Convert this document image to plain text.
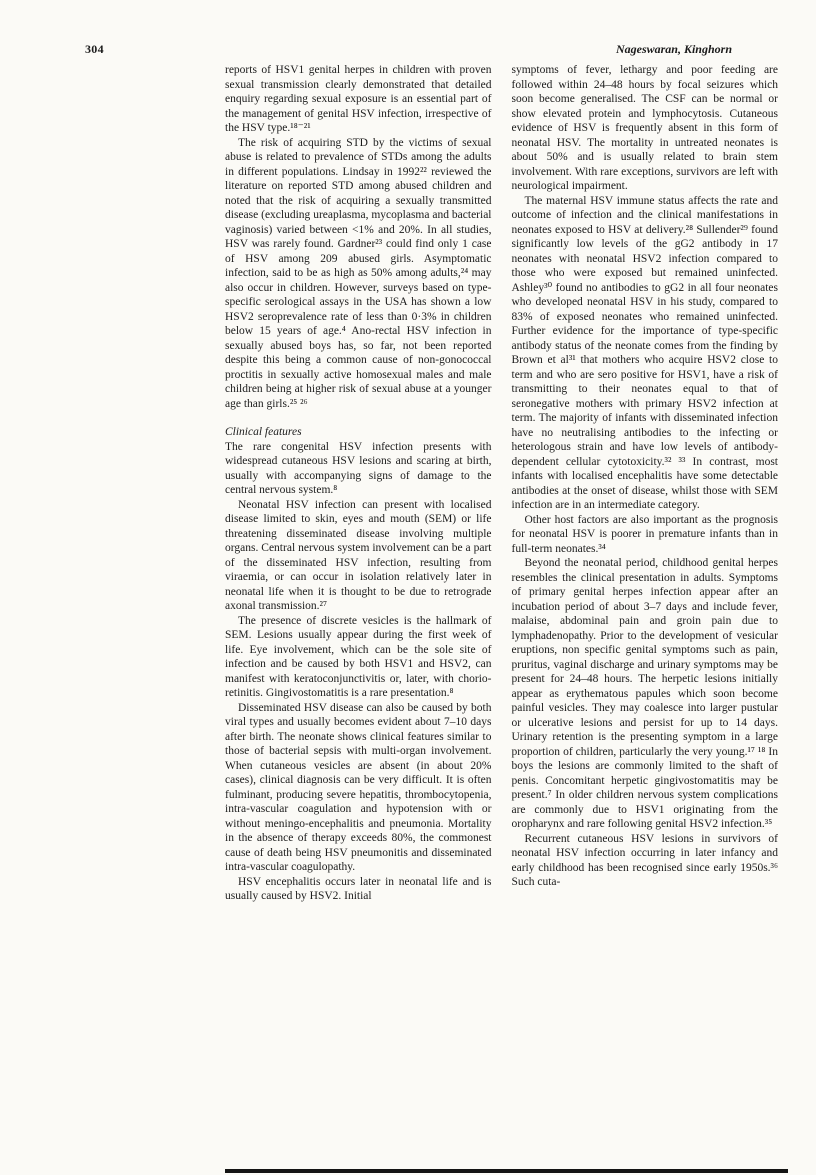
304	Nageswaran, Kinghorn

reports of HSV1 genital herpes in children with proven sexual transmission clearly demonstrated that detailed enquiry regarding sexual exposure is an essential part of the management of genital HSV infection, irrespective of the HSV type.¹⁸⁻²¹

The risk of acquiring STD by the victims of sexual abuse is related to prevalence of STDs among the adults in different populations. Lindsay in 1992²² reviewed the literature on reported STD among abused children and noted that the risk of acquiring a sexually transmitted disease (excluding ureaplasma, mycoplasma and bacterial vaginosis) varied between <1% and 20%. In all studies, HSV was rarely found. Gardner²³ could find only 1 case of HSV among 209 abused girls. Asymptomatic infection, said to be as high as 50% among adults,²⁴ may also occur in children. However, surveys based on type-specific serological assays in the USA has shown a low HSV2 seroprevalence rate of less than 0·3% in children below 15 years of age.⁴ Ano-rectal HSV infection in sexually abused boys has, so far, not been reported despite this being a common cause of non-gonococcal proctitis in sexually active homosexual males and male children being at higher risk of sexual abuse at a younger age than girls.²⁵ ²⁶

Clinical features

The rare congenital HSV infection presents with widespread cutaneous HSV lesions and scaring at birth, usually with accompanying signs of damage to the central nervous system.⁸

Neonatal HSV infection can present with localised disease limited to skin, eyes and mouth (SEM) or life threatening disseminated disease involving multiple organs. Central nervous system involvement can be a part of the disseminated HSV infection, resulting from viraemia, or can occur in isolation relatively later in neonatal life when it is thought to be due to retrograde axonal transmission.²⁷

The presence of discrete vesicles is the hallmark of SEM. Lesions usually appear during the first week of life. Eye involvement, which can be the sole site of infection and be caused by both HSV1 and HSV2, can manifest with keratoconjunctivitis or, later, with chorio-retinitis. Gingivostomatitis is a rare presentation.⁸

Disseminated HSV disease can also be caused by both viral types and usually becomes evident about 7–10 days after birth. The neonate shows clinical features similar to those of bacterial sepsis with multi-organ involvement. When cutaneous vesicles are absent (in about 20% cases), clinical diagnosis can be very difficult. It is often fulminant, producing severe hepatitis, thrombocytopenia, intra-vascular coagulation and hypotension with or without meningo-encephalitis and pneumonia. Mortality in the absence of therapy exceeds 80%, the commonest cause of death being HSV pneumonitis and disseminated intra-vascular coagulopathy.

HSV encephalitis occurs later in neonatal life and is usually caused by HSV2. Initial

symptoms of fever, lethargy and poor feeding are followed within 24–48 hours by focal seizures which soon become generalised. The CSF can be normal or show elevated protein and lymphocytosis. Cutaneous evidence of HSV is frequently absent in this form of neonatal HSV. The mortality in untreated neonates is about 50% and is usually related to brain stem involvement. With rare exceptions, survivors are left with neurological impairment.

The maternal HSV immune status affects the rate and outcome of infection and the clinical manifestations in neonates exposed to HSV at delivery.²⁸ Sullender²⁹ found significantly low levels of the gG2 antibody in 17 neonates with neonatal HSV2 infection compared to those who were exposed but remained uninfected. Ashley³⁰ found no antibodies to gG2 in all four neonates who developed neonatal HSV in his study, compared to 83% of exposed neonates who remained uninfected. Further evidence for the importance of type-specific antibody status of the neonate comes from the finding by Brown et al³¹ that mothers who acquire HSV2 close to term and who are sero positive for HSV1, have a risk of transmitting to their neonates equal to that of seronegative mothers with primary HSV2 infection at term. The majority of infants with disseminated infection have no neutralising antibodies to the infecting or heterologous strain and have low levels of antibody-dependent cellular cytotoxicity.³² ³³ In contrast, most infants with localised encephalitis have some detectable antibodies at the onset of disease, whilst those with SEM infection are in an intermediate category.

Other host factors are also important as the prognosis for neonatal HSV is poorer in premature infants than in full-term neonates.³⁴

Beyond the neonatal period, childhood genital herpes resembles the clinical presentation in adults. Symptoms of primary genital herpes infection appear after an incubation period of about 3–7 days and include fever, malaise, abdominal pain and groin pain due to lymphadenopathy. Prior to the development of vesicular eruptions, non specific genital symptoms such as pain, pruritus, vaginal discharge and urinary symptoms may be present for 24–48 hours. The herpetic lesions initially appear as erythematous papules which soon become painful vesicles. They may coalesce into larger pustular or ulcerative lesions and persist for up to 14 days. Urinary retention is the presenting symptom in a large proportion of children, particularly the very young.¹⁷ ¹⁸ In boys the lesions are commonly limited to the shaft of penis. Concomitant herpetic gingivostomatitis may be present.⁷ In older children nervous system complications are commonly due to HSV1 originating from the oropharynx and rare following genital HSV2 infection.³⁵

Recurrent cutaneous HSV lesions in survivors of neonatal HSV infection occurring in later infancy and early childhood has been recognised since early 1950s.³⁶ Such cuta-
